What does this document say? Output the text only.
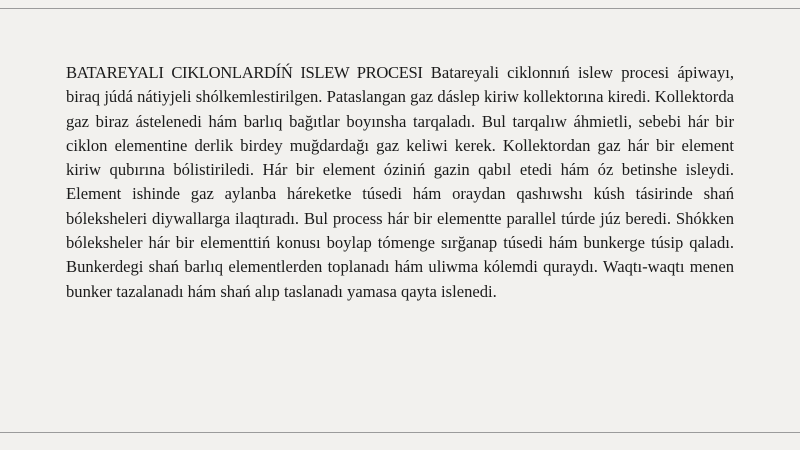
BATAREYALI CIKLONLARDÍŃ ISLEW PROCESI Batareyali ciklonnıń islew procesi ápiwayı, biraq júdá nátiyjeli shólkemlestirilgen. Pataslangan gaz dáslep kiriw kollektorına kiredi. Kollektorda gaz biraz ástelenedi hám barlıq bağıtlar boyınsha tarqaladı. Bul tarqalıw áhmietli, sebebi hár bir ciklon elementine derlik birdey muğdardağı gaz keliwi kerek. Kollektordan gaz hár bir element kiriw qubırına bólistiriledi. Hár bir element óziniń gazin qabıl etedi hám óz betinshe isleydi. Element ishinde gaz aylanba háreketke túsedi hám oraydan qashıwshı kúsh tásirinde shań bóleksheleri diywallarga ilaqtıradı. Bul process hár bir elementte parallel túrde júz beredi. Shókken bóleksheler hár bir elementtiń konusı boylap tómenge sırğanap túsedi hám bunkerge túsip qaladı. Bunkerdegi shań barlıq elementlerden toplanadı hám uliwma kólemdi quraydı. Waqtı-waqtı menen bunker tazalanadı hám shań alıp taslanadı yamasa qayta islenedi.
